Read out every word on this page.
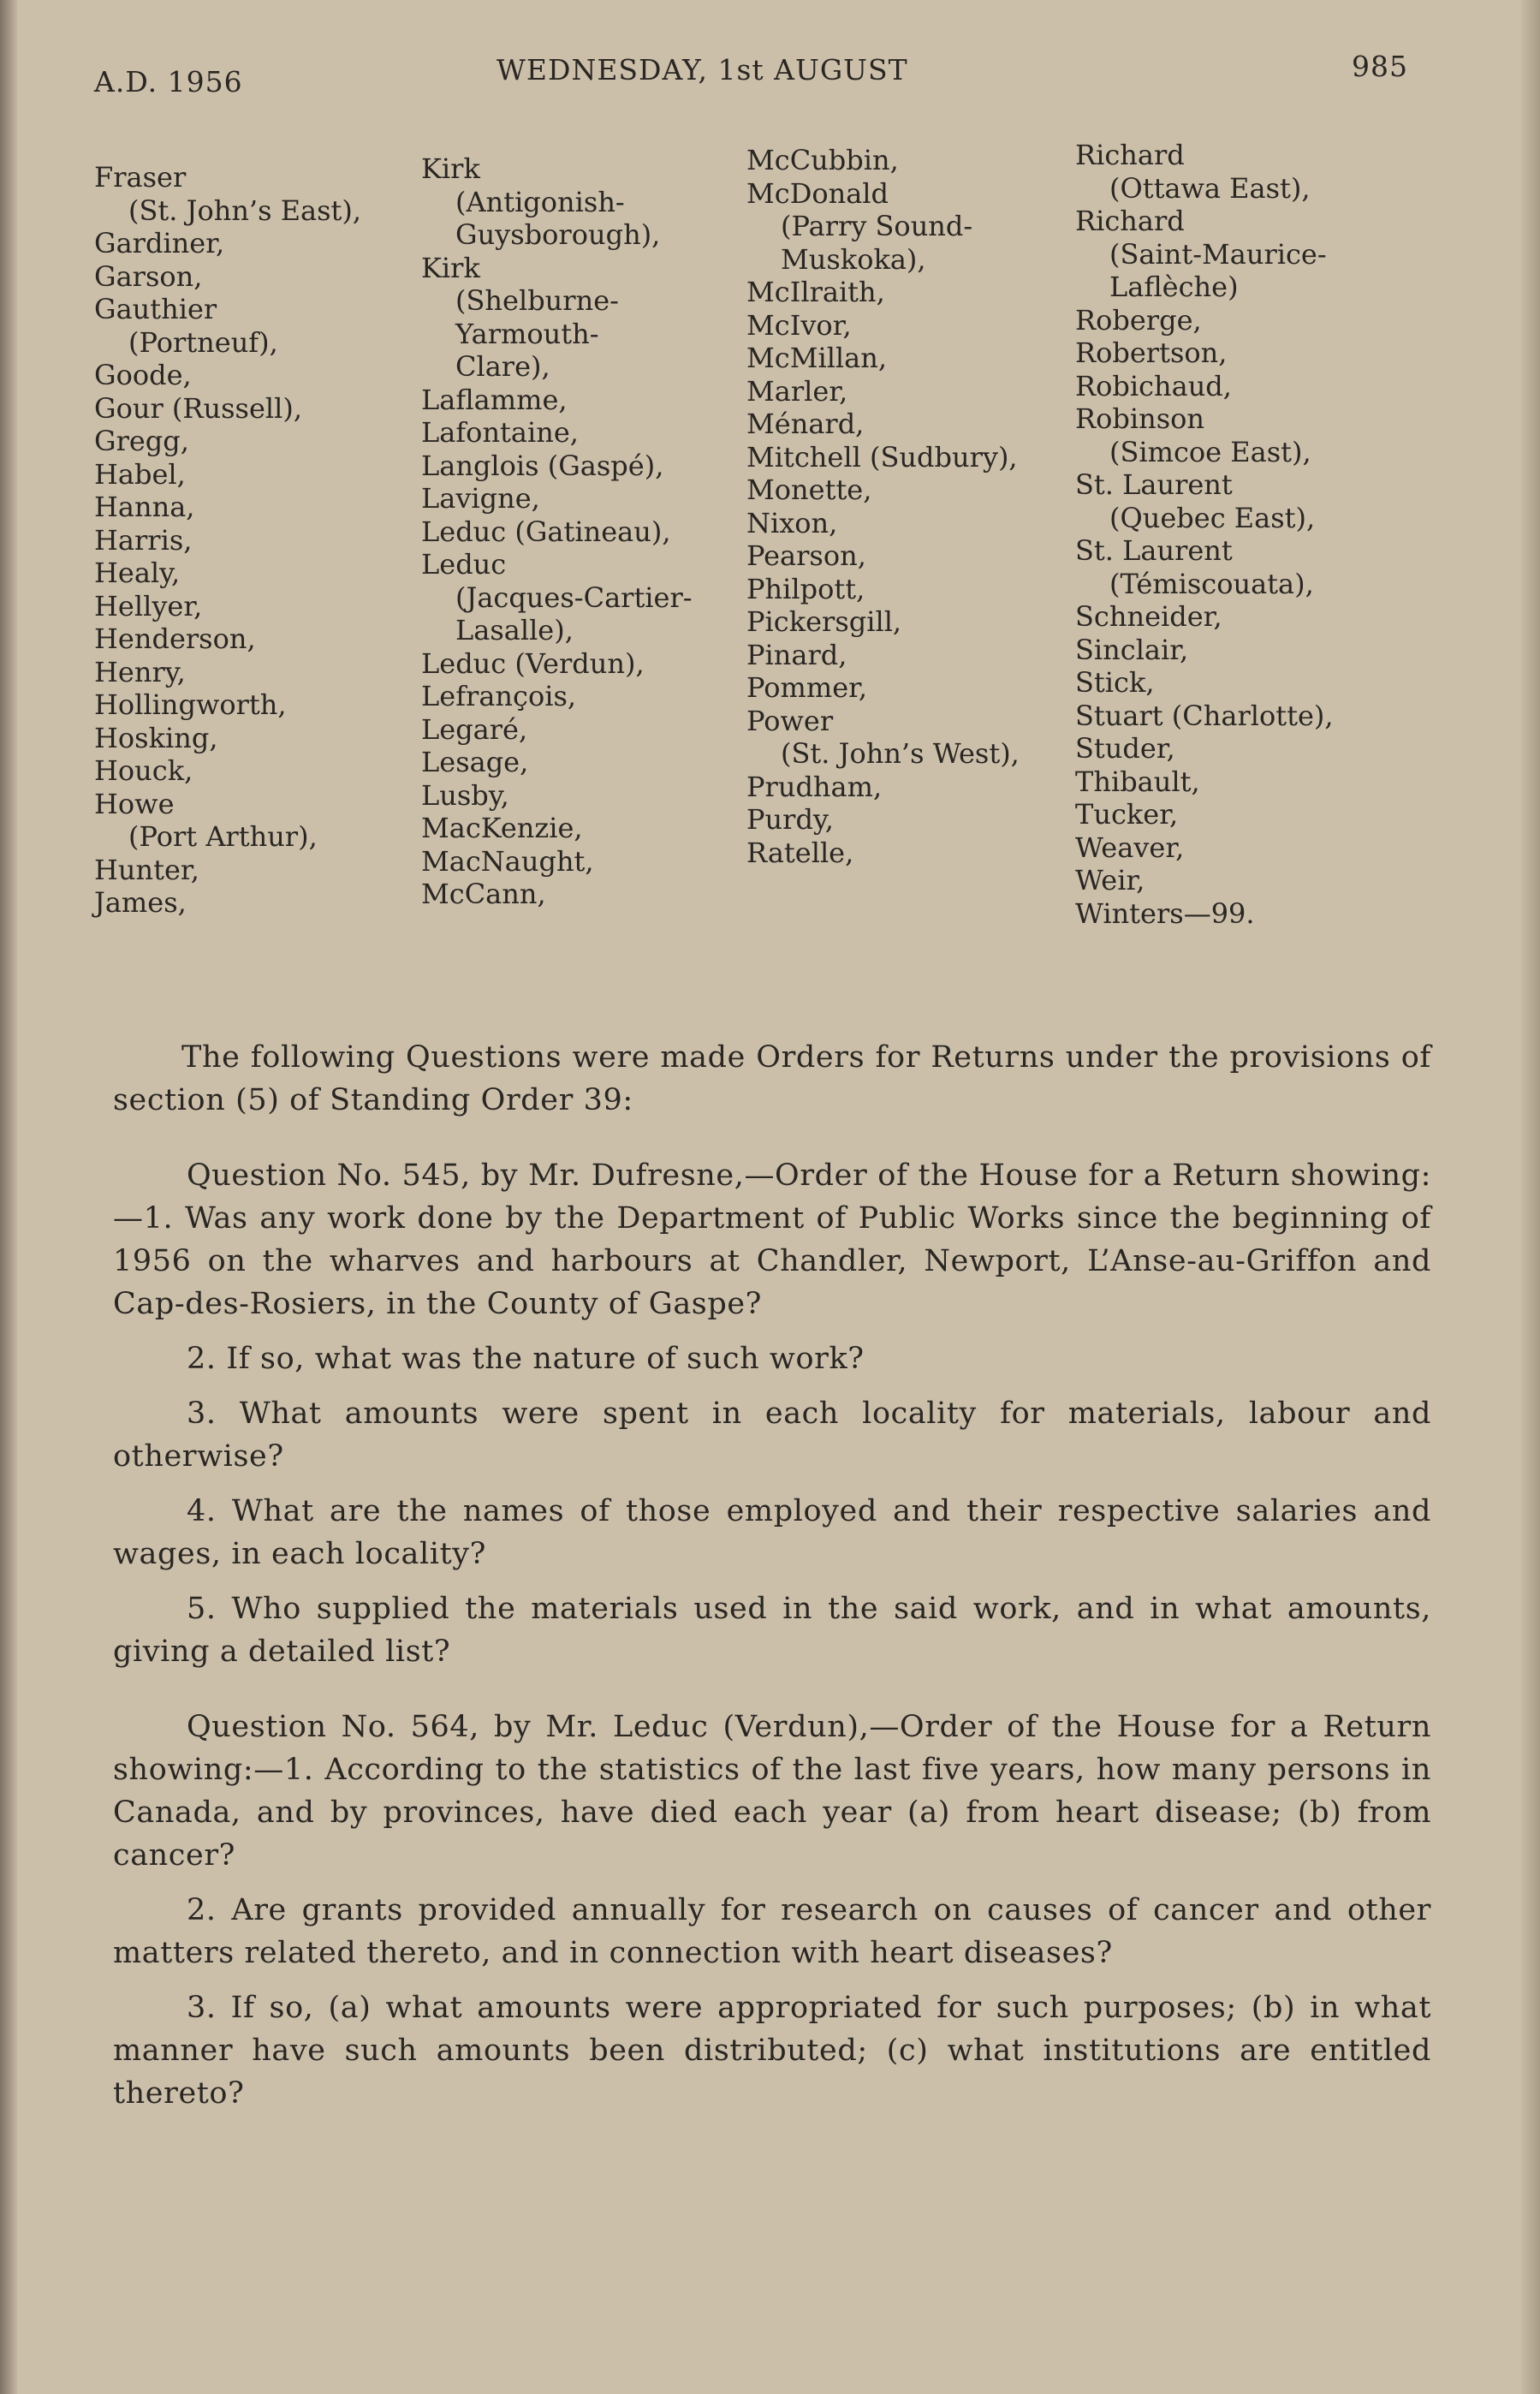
A.D. 1956	WEDNESDAY, 1st AUGUST	985
Fraser
(St. John’s East),
Gardiner,
Garson,
Gauthier
(Portneuf),
Goode,
Gour (Russell),
Gregg,
Habel,
Hanna,
Harris,
Healy,
Hellyer,
Henderson,
Henry,
Hollingworth,
Hosking,
Houck,
Howe
(Port Arthur),
Hunter,
James,
Kirk
(Antigonish-
Guysborough),
Kirk
(Shelburne-
Yarmouth-
Clare),
Laflamme,
Lafontaine,
Langlois (Gaspé),
Lavigne,
Leduc (Gatineau),
Leduc
(Jacques-Cartier-
Lasalle),
Leduc (Verdun),
Lefrançois,
Legaré,
Lesage,
Lusby,
MacKenzie,
MacNaught,
McCann,
McCubbin,
McDonald
(Parry Sound-
Muskoka),
McIlraith,
McIvor,
McMillan,
Marler,
Ménard,
Mitchell (Sudbury),
Monette,
Nixon,
Pearson,
Philpott,
Pickersgill,
Pinard,
Pommer,
Power
(St. John’s West),
Prudham,
Purdy,
Ratelle,
Richard
(Ottawa East),
Richard
(Saint-Maurice-
Laflèche)
Roberge,
Robertson,
Robichaud,
Robinson
(Simcoe East),
St. Laurent
(Quebec East),
St. Laurent
(Témiscouata),
Schneider,
Sinclair,
Stick,
Stuart (Charlotte),
Studer,
Thibault,
Tucker,
Weaver,
Weir,
Winters—99.

The following Questions were made Orders for Returns under the provisions of section (5) of Standing Order 39:

Question No. 545, by Mr. Dufresne,—Order of the House for a Return showing:—1. Was any work done by the Department of Public Works since the beginning of 1956 on the wharves and harbours at Chandler, Newport, L’Anse-au-Griffon and Cap-des-Rosiers, in the County of Gaspe?

2. If so, what was the nature of such work?

3. What amounts were spent in each locality for materials, labour and otherwise?

4. What are the names of those employed and their respective salaries and wages, in each locality?

5. Who supplied the materials used in the said work, and in what amounts, giving a detailed list?

Question No. 564, by Mr. Leduc (Verdun),—Order of the House for a Return showing:—1. According to the statistics of the last five years, how many persons in Canada, and by provinces, have died each year (a) from heart disease; (b) from cancer?

2. Are grants provided annually for research on causes of cancer and other matters related thereto, and in connection with heart diseases?

3. If so, (a) what amounts were appropriated for such purposes; (b) in what manner have such amounts been distributed; (c) what institutions are entitled thereto?
